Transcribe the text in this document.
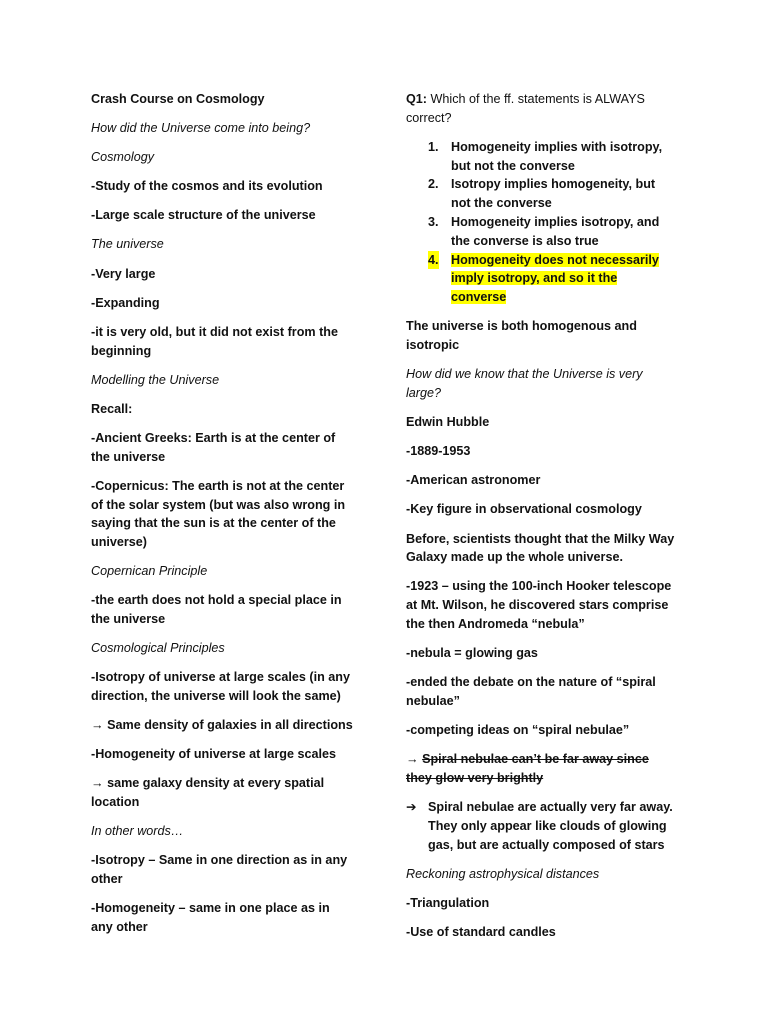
Crash Course on Cosmology

How did the Universe come into being?

Cosmology

-Study of the cosmos and its evolution

-Large scale structure of the universe

The universe

-Very large

-Expanding

-it is very old, but it did not exist from the beginning

Modelling the Universe

Recall:

-Ancient Greeks: Earth is at the center of the universe

-Copernicus: The earth is not at the center of the solar system (but was also wrong in saying that the sun is at the center of the universe)

Copernican Principle

-the earth does not hold a special place in the universe

Cosmological Principles

-Isotropy of universe at large scales (in any direction, the universe will look the same)

→ Same density of galaxies in all directions

-Homogeneity of universe at large scales

→ same galaxy density at every spatial location

In other words…

-Isotropy – Same in one direction as in any other

-Homogeneity – same in one place as in any other

Q1: Which of the ff. statements is ALWAYS correct?

1. Homogeneity implies with isotropy, but not the converse
2. Isotropy implies homogeneity, but not the converse
3. Homogeneity implies isotropy, and the converse is also true
4. Homogeneity does not necessarily imply isotropy, and so it the converse

The universe is both homogenous and isotropic

How did we know that the Universe is very large?

Edwin Hubble

-1889-1953

-American astronomer

-Key figure in observational cosmology

Before, scientists thought that the Milky Way Galaxy made up the whole universe.

-1923 – using the 100-inch Hooker telescope at Mt. Wilson, he discovered stars comprise the then Andromeda “nebula”

-nebula = glowing gas

-ended the debate on the nature of “spiral nebulae”

-competing ideas on “spiral nebulae”

→ Spiral nebulae can’t be far away since they glow very brightly

➔ Spiral nebulae are actually very far away. They only appear like clouds of glowing gas, but are actually composed of stars

Reckoning astrophysical distances

-Triangulation

-Use of standard candles
